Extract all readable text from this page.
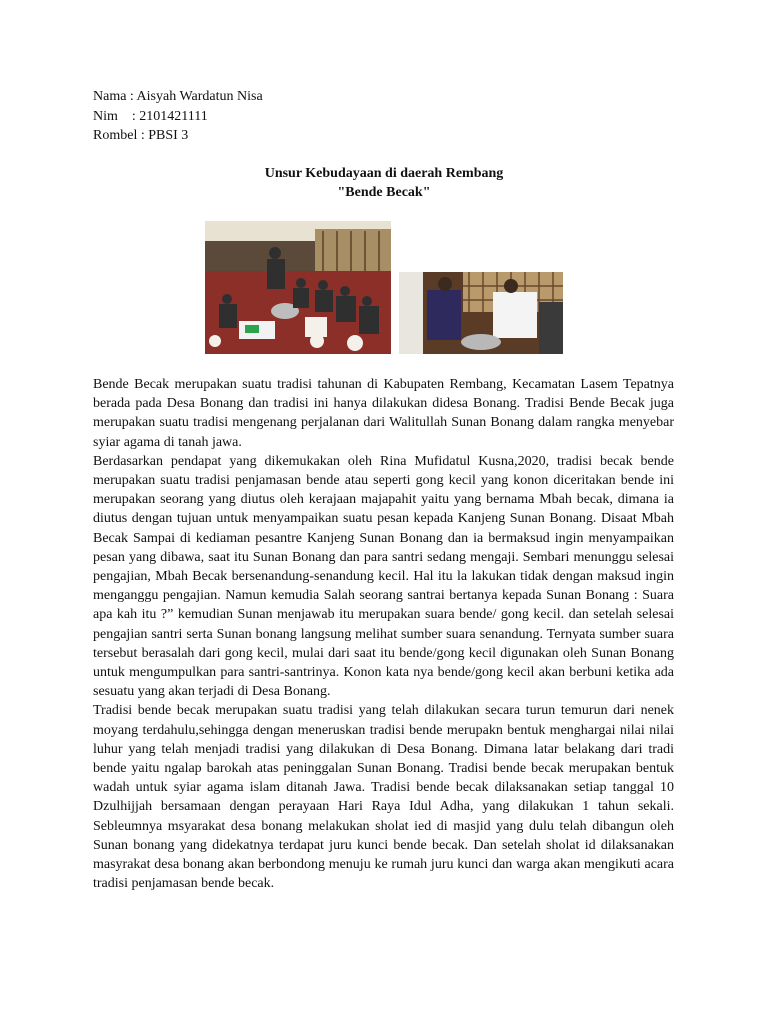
Nama : Aisyah Wardatun Nisa
Nim    : 2101421111
Rombel : PBSI 3
Unsur Kebudayaan di daerah Rembang
"Bende Becak"

Bende Becak merupakan suatu tradisi tahunan di Kabupaten Rembang, Kecamatan Lasem Tepatnya berada pada Desa Bonang dan tradisi ini hanya dilakukan didesa Bonang. Tradisi Bende Becak juga merupakan suatu tradisi mengenang perjalanan dari Walitullah Sunan Bonang dalam rangka menyebar syiar agama di tanah jawa.

Berdasarkan pendapat yang dikemukakan oleh Rina Mufidatul Kusna,2020, tradisi becak bende merupakan suatu tradisi penjamasan bende atau seperti gong kecil yang konon diceritakan bende ini merupakan seorang yang diutus oleh kerajaan majapahit yaitu yang bernama Mbah becak, dimana ia diutus dengan tujuan untuk menyampaikan suatu pesan kepada Kanjeng Sunan Bonang. Disaat Mbah Becak Sampai di kediaman pesantre Kanjeng Sunan Bonang dan ia bermaksud ingin menyampaikan pesan yang dibawa, saat itu Sunan Bonang dan para santri sedang mengaji. Sembari menunggu selesai pengajian, Mbah Becak bersenandung-senandung kecil. Hal itu la lakukan tidak dengan maksud ingin menganggu pengajian. Namun kemudia Salah seorang santrai bertanya kepada Sunan Bonang : Suara apa kah itu ?” kemudian Sunan menjawab itu merupakan suara bende/ gong kecil. dan setelah selesai pengajian santri serta Sunan bonang langsung melihat sumber suara senandung. Ternyata sumber suara tersebut berasalah dari gong kecil, mulai dari saat itu bende/gong kecil digunakan oleh Sunan Bonang untuk mengumpulkan para santri-santrinya. Konon kata nya bende/gong kecil akan berbuni ketika ada sesuatu yang akan terjadi di Desa Bonang.

Tradisi bende becak merupakan suatu tradisi yang telah dilakukan secara turun temurun dari nenek moyang terdahulu,sehingga dengan meneruskan tradisi bende merupakn bentuk menghargai nilai nilai luhur yang telah menjadi tradisi yang dilakukan di Desa Bonang. Dimana latar belakang dari tradi bende yaitu ngalap barokah atas peninggalan Sunan Bonang. Tradisi bende becak merupakan bentuk wadah untuk syiar agama islam ditanah Jawa. Tradisi bende becak dilaksanakan setiap tanggal 10 Dzulhijjah bersamaan dengan perayaan Hari Raya Idul Adha, yang dilakukan 1 tahun sekali. Sebleumnya msyarakat desa bonang melakukan sholat ied di masjid yang dulu telah dibangun oleh Sunan bonang yang didekatnya terdapat juru kunci bende becak. Dan setelah sholat id dilaksanakan masyrakat desa bonang akan berbondong menuju ke rumah juru kunci dan warga akan mengikuti acara tradisi penjamasan bende becak.
